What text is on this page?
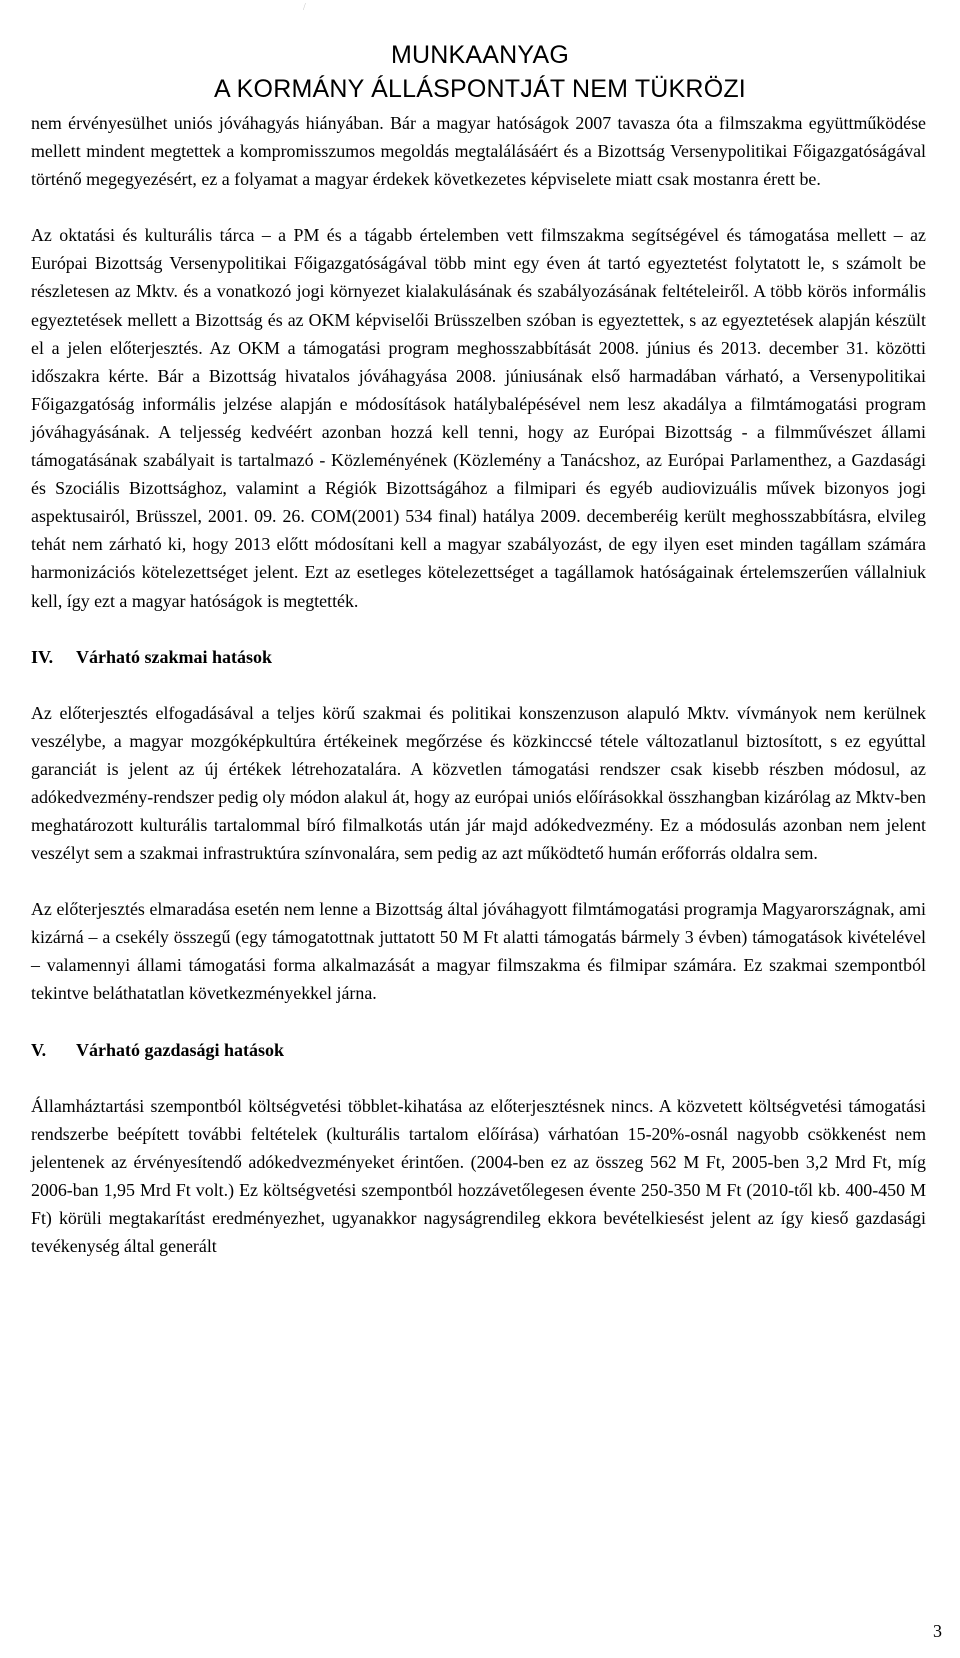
/
MUNKAANYAG
A KORMÁNY ÁLLÁSPONTJÁT NEM TÜKRÖZI

nem érvényesülhet uniós jóváhagyás hiányában. Bár a magyar hatóságok 2007 tavasza óta a filmszakma együttműködése mellett mindent megtettek a kompromisszumos megoldás megtalálásáért és a Bizottság Versenypolitikai Főigazgatóságával történő megegyezésért, ez a folyamat a magyar érdekek következetes képviselete miatt csak mostanra érett be.

Az oktatási és kulturális tárca – a PM és a tágabb értelemben vett filmszakma segítségével és támogatása mellett – az Európai Bizottság Versenypolitikai Főigazgatóságával több mint egy éven át tartó egyeztetést folytatott le, s számolt be részletesen az Mktv. és a vonatkozó jogi környezet kialakulásának és szabályozásának feltételeiről. A több körös informális egyeztetések mellett a Bizottság és az OKM képviselői Brüsszelben szóban is egyeztettek, s az egyeztetések alapján készült el a jelen előterjesztés. Az OKM a támogatási program meghosszabbítását 2008. június és 2013. december 31. közötti időszakra kérte. Bár a Bizottság hivatalos jóváhagyása 2008. júniusának első harmadában várható, a Versenypolitikai Főigazgatóság informális jelzése alapján e módosítások hatálybalépésével nem lesz akadálya a filmtámogatási program jóváhagyásának. A teljesség kedvéért azonban hozzá kell tenni, hogy az Európai Bizottság - a filmművészet állami támogatásának szabályait is tartalmazó - Közleményének (Közlemény a Tanácshoz, az Európai Parlamenthez, a Gazdasági és Szociális Bizottsághoz, valamint a Régiók Bizottságához a filmipari és egyéb audiovizuális művek bizonyos jogi aspektusairól, Brüsszel, 2001. 09. 26. COM(2001) 534 final) hatálya 2009. decemberéig került meghosszabbításra, elvileg tehát nem zárható ki, hogy 2013 előtt módosítani kell a magyar szabályozást, de egy ilyen eset minden tagállam számára harmonizációs kötelezettséget jelent. Ezt az esetleges kötelezettséget a tagállamok hatóságainak értelemszerűen vállalniuk kell, így ezt a magyar hatóságok is megtették.

IV. Várható szakmai hatások

Az előterjesztés elfogadásával a teljes körű szakmai és politikai konszenzuson alapuló Mktv. vívmányok nem kerülnek veszélybe, a magyar mozgóképkultúra értékeinek megőrzése és közkinccsé tétele változatlanul biztosított, s ez egyúttal garanciát is jelent az új értékek létrehozatalára. A közvetlen támogatási rendszer csak kisebb részben módosul, az adókedvezmény-rendszer pedig oly módon alakul át, hogy az európai uniós előírásokkal összhangban kizárólag az Mktv-ben meghatározott kulturális tartalommal bíró filmalkotás után jár majd adókedvezmény. Ez a módosulás azonban nem jelent veszélyt sem a szakmai infrastruktúra színvonalára, sem pedig az azt működtető humán erőforrás oldalra sem.

Az előterjesztés elmaradása esetén nem lenne a Bizottság által jóváhagyott filmtámogatási programja Magyarországnak, ami kizárná – a csekély összegű (egy támogatottnak juttatott 50 M Ft alatti támogatás bármely 3 évben) támogatások kivételével – valamennyi állami támogatási forma alkalmazását a magyar filmszakma és filmipar számára. Ez szakmai szempontból tekintve beláthatatlan következményekkel járna.

V. Várható gazdasági hatások

Államháztartási szempontból költségvetési többlet-kihatása az előterjesztésnek nincs. A közvetett költségvetési támogatási rendszerbe beépített további feltételek (kulturális tartalom előírása) várhatóan 15-20%-osnál nagyobb csökkenést nem jelentenek az érvényesítendő adókedvezményeket érintően. (2004-ben ez az összeg 562 M Ft, 2005-ben 3,2 Mrd Ft, míg 2006-ban 1,95 Mrd Ft volt.) Ez költségvetési szempontból hozzávetőlegesen évente 250-350 M Ft (2010-től kb. 400-450 M Ft) körüli megtakarítást eredményezhet, ugyanakkor nagyságrendileg ekkora bevételkiesést jelent az így kieső gazdasági tevékenység által generált

3
